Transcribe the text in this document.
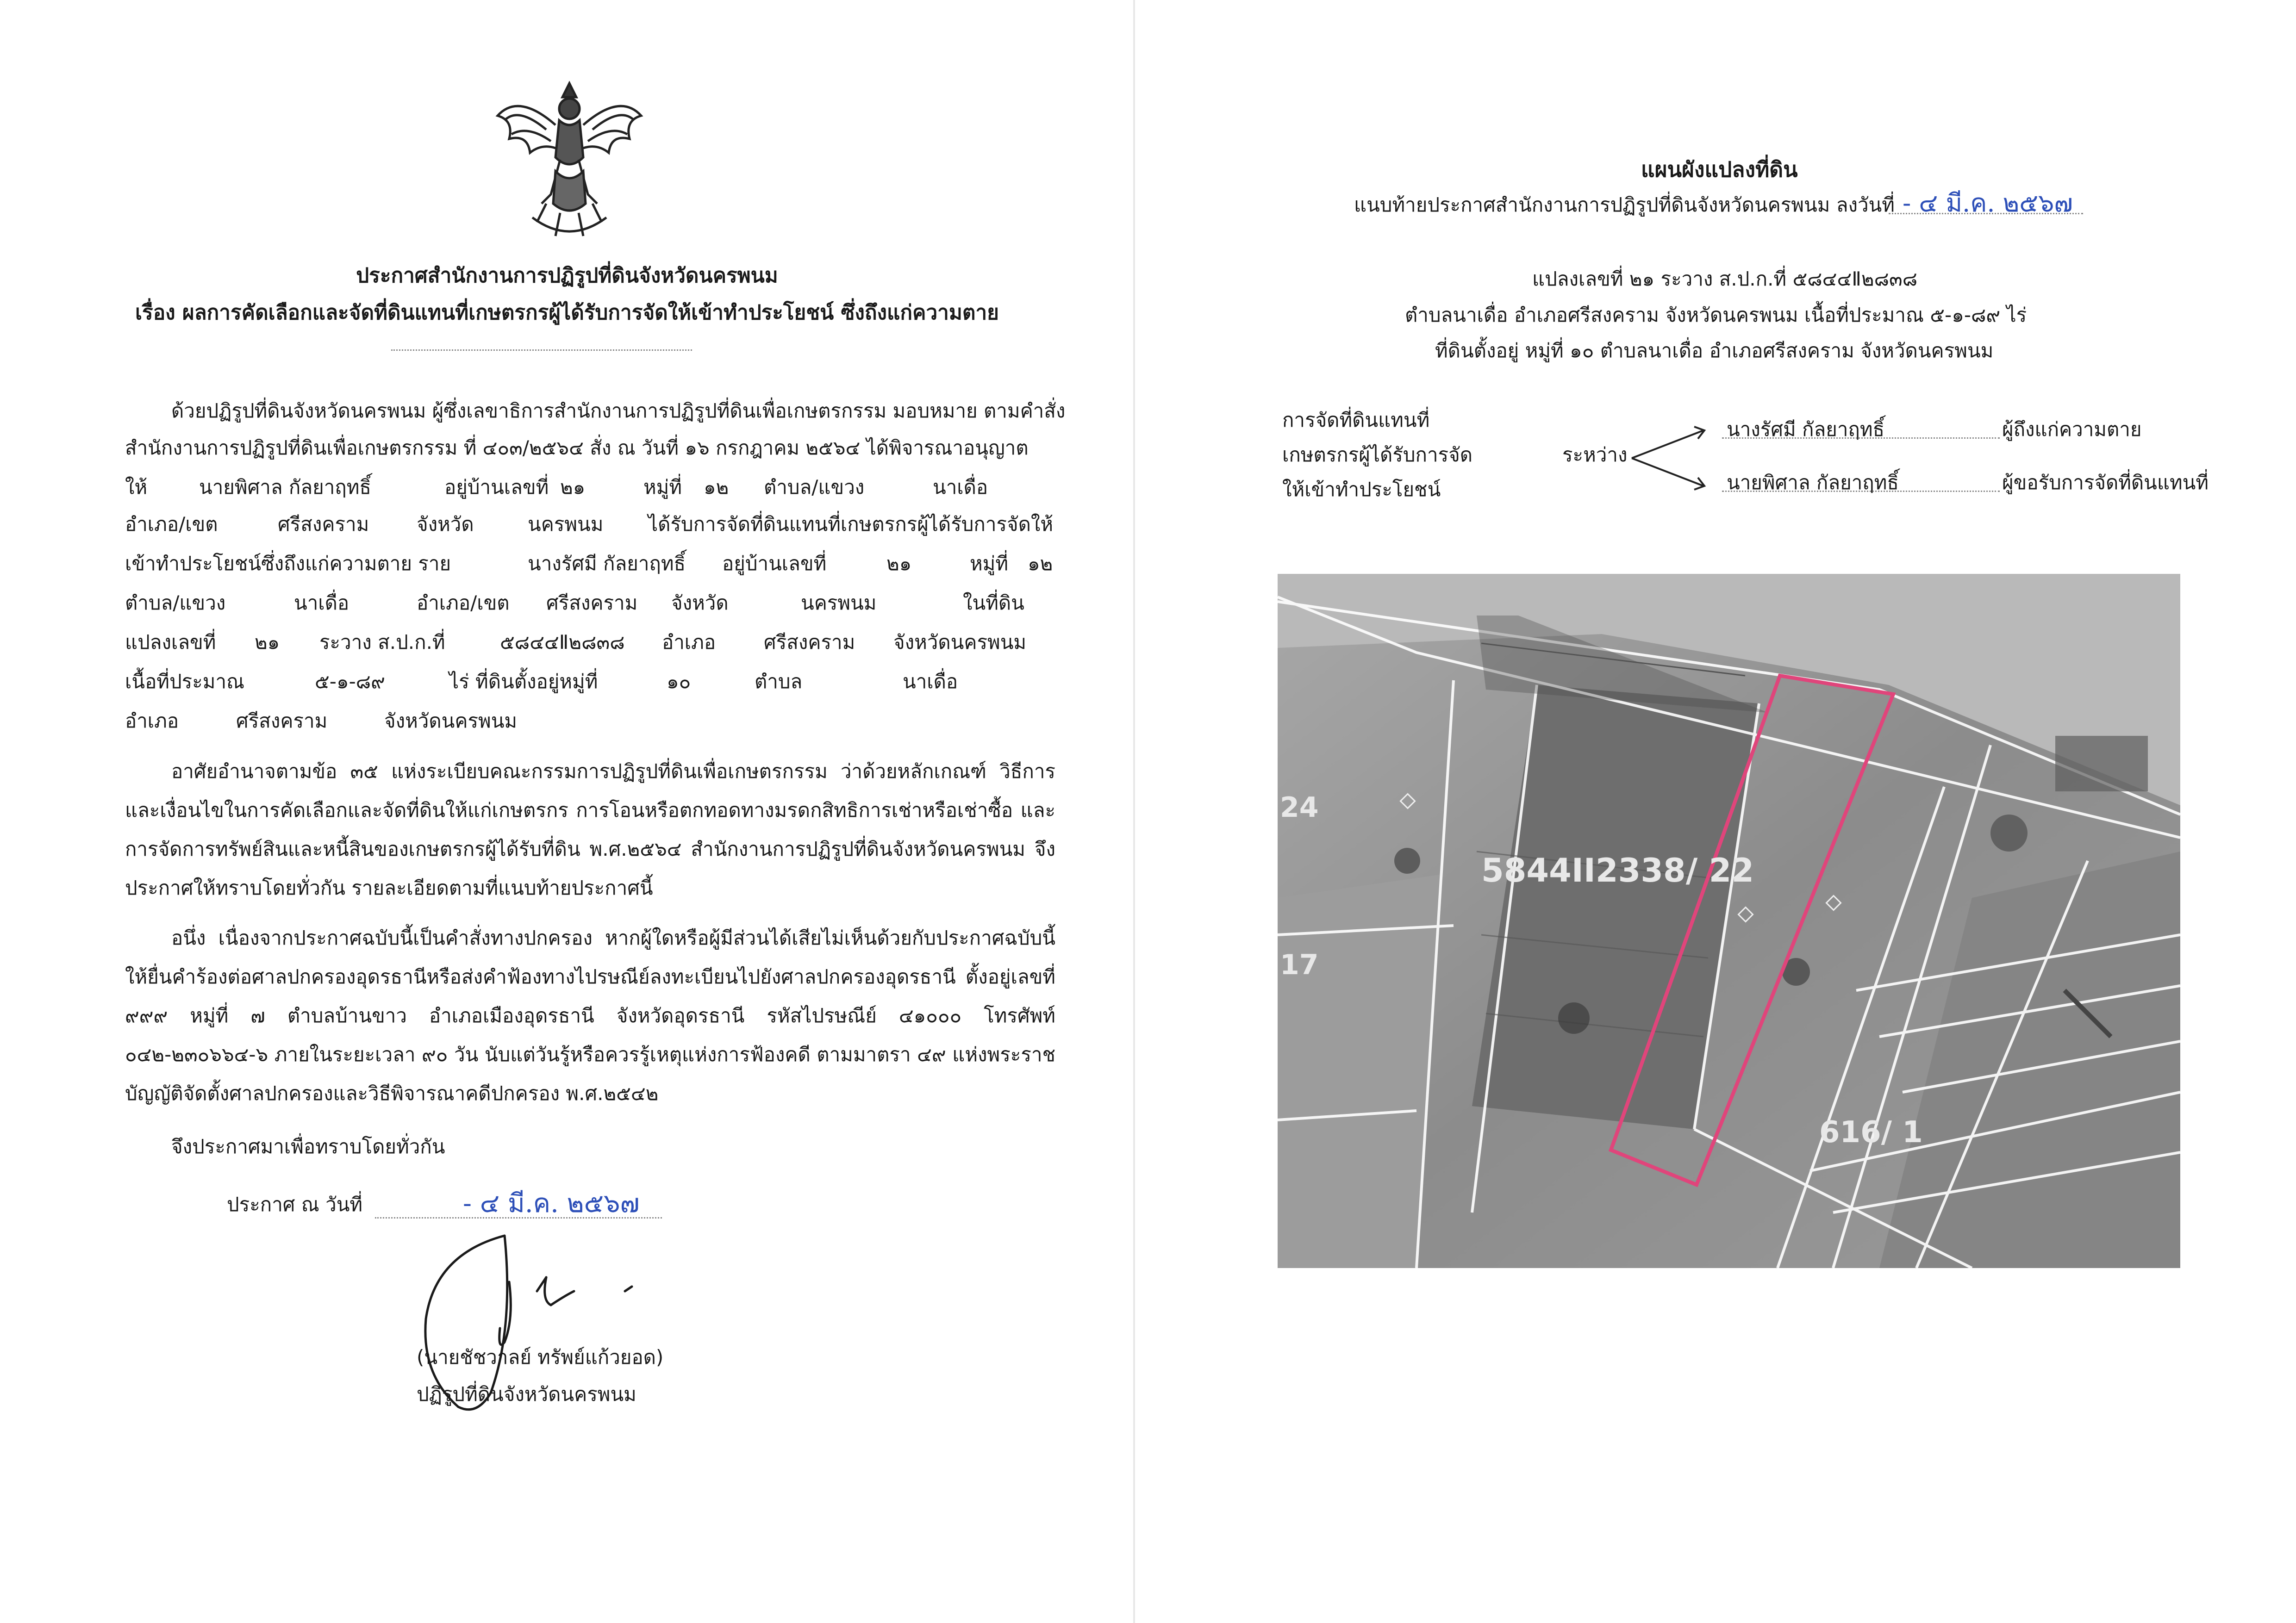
ประกาศสำนักงานการปฏิรูปที่ดินจังหวัดนครพนม
เรื่อง ผลการคัดเลือกและจัดที่ดินแทนที่เกษตรกรผู้ได้รับการจัดให้เข้าทำประโยชน์ ซึ่งถึงแก่ความตาย
ด้วยปฏิรูปที่ดินจังหวัดนครพนม ผู้ซึ่งเลขาธิการสำนักงานการปฏิรูปที่ดินเพื่อเกษตรกรรม มอบหมาย ตามคำสั่ง
สำนักงานการปฏิรูปที่ดินเพื่อเกษตรกรรม ที่ ๔๐๓/๒๕๖๔ สั่ง ณ วันที่ ๑๖ กรกฎาคม ๒๕๖๔ ได้พิจารณาอนุญาต
ให้	นายพิศาล กัลยาฤทธิ์	อยู่บ้านเลขที่ ๒๑	หมู่ที่ ๑๒ ตำบล/แขวง	นาเดื่อ
อำเภอ/เขต	ศรีสงคราม จังหวัด	นครพนม ได้รับการจัดที่ดินแทนที่เกษตรกรผู้ได้รับการจัดให้
เข้าทำประโยชน์ซึ่งถึงแก่ความตาย ราย	นางรัศมี กัลยาฤทธิ์ อยู่บ้านเลขที่	๒๑	หมู่ที่ ๑๒
ตำบล/แขวง	นาเดื่อ	อำเภอ/เขต ศรีสงคราม จังหวัด	นครพนม	ในที่ดิน
แปลงเลขที่ ๒๑ ระวาง ส.ป.ก.ที่	๕๘๔๔Ⅱ๒๘๓๘ อำเภอ ศรีสงคราม จังหวัดนครพนม
เนื้อที่ประมาณ	๕-๑-๘๙	ไร่ ที่ดินตั้งอยู่หมู่ที่	๑๐	ตำบล	นาเดื่อ
อำเภอ	ศรีสงคราม	จังหวัดนครพนม
อาศัยอำนาจตามข้อ ๓๕ แห่งระเบียบคณะกรรมการปฏิรูปที่ดินเพื่อเกษตรกรรม ว่าด้วยหลักเกณฑ์ วิธีการ และเงื่อนไขในการคัดเลือกและจัดที่ดินให้แก่เกษตรกร การโอนหรือตกทอดทางมรดกสิทธิการเช่าหรือเช่าซื้อ และการจัดการทรัพย์สินและหนี้สินของเกษตรกรผู้ได้รับที่ดิน พ.ศ.๒๕๖๔ สำนักงานการปฏิรูปที่ดินจังหวัดนครพนม จึงประกาศให้ทราบโดยทั่วกัน รายละเอียดตามที่แนบท้ายประกาศนี้
อนึ่ง เนื่องจากประกาศฉบับนี้เป็นคำสั่งทางปกครอง หากผู้ใดหรือผู้มีส่วนได้เสียไม่เห็นด้วยกับประกาศฉบับนี้ ให้ยื่นคำร้องต่อศาลปกครองอุดรธานีหรือส่งคำฟ้องทางไปรษณีย์ลงทะเบียนไปยังศาลปกครองอุดรธานี ตั้งอยู่เลขที่ ๙๙๙ หมู่ที่ ๗ ตำบลบ้านขาว อำเภอเมืองอุดรธานี จังหวัดอุดรธานี รหัสไปรษณีย์ ๔๑๐๐๐ โทรศัพท์ ๐๔๒-๒๓๐๖๖๔-๖ ภายในระยะเวลา ๙๐ วัน นับแต่วันรู้หรือควรรู้เหตุแห่งการฟ้องคดี ตามมาตรา ๔๙ แห่งพระราชบัญญัติจัดตั้งศาลปกครองและวิธีพิจารณาคดีปกครอง พ.ศ.๒๕๔๒
จึงประกาศมาเพื่อทราบโดยทั่วกัน
ประกาศ ณ วันที่	- ๔ มี.ค. ๒๕๖๗
(นายชัชวาลย์ ทรัพย์แก้วยอด)
ปฏิรูปที่ดินจังหวัดนครพนม
แผนผังแปลงที่ดิน
แนบท้ายประกาศสำนักงานการปฏิรูปที่ดินจังหวัดนครพนม ลงวันที่ - ๔ มี.ค. ๒๕๖๗
แปลงเลขที่ ๒๑ ระวาง ส.ป.ก.ที่ ๕๘๔๔Ⅱ๒๘๓๘
ตำบลนาเดื่อ อำเภอศรีสงคราม จังหวัดนครพนม เนื้อที่ประมาณ ๕-๑-๘๙ ไร่
ที่ดินตั้งอยู่ หมู่ที่ ๑๐ ตำบลนาเดื่อ อำเภอศรีสงคราม จังหวัดนครพนม
การจัดที่ดินแทนที่
เกษตรกรผู้ได้รับการจัด
ให้เข้าทำประโยชน์
ระหว่าง
นางรัศมี กัลยาฤทธิ์	ผู้ถึงแก่ความตาย
นายพิศาล กัลยาฤทธิ์	ผู้ขอรับการจัดที่ดินแทนที่
5844II2338/ 22
616/ 1
24
17
